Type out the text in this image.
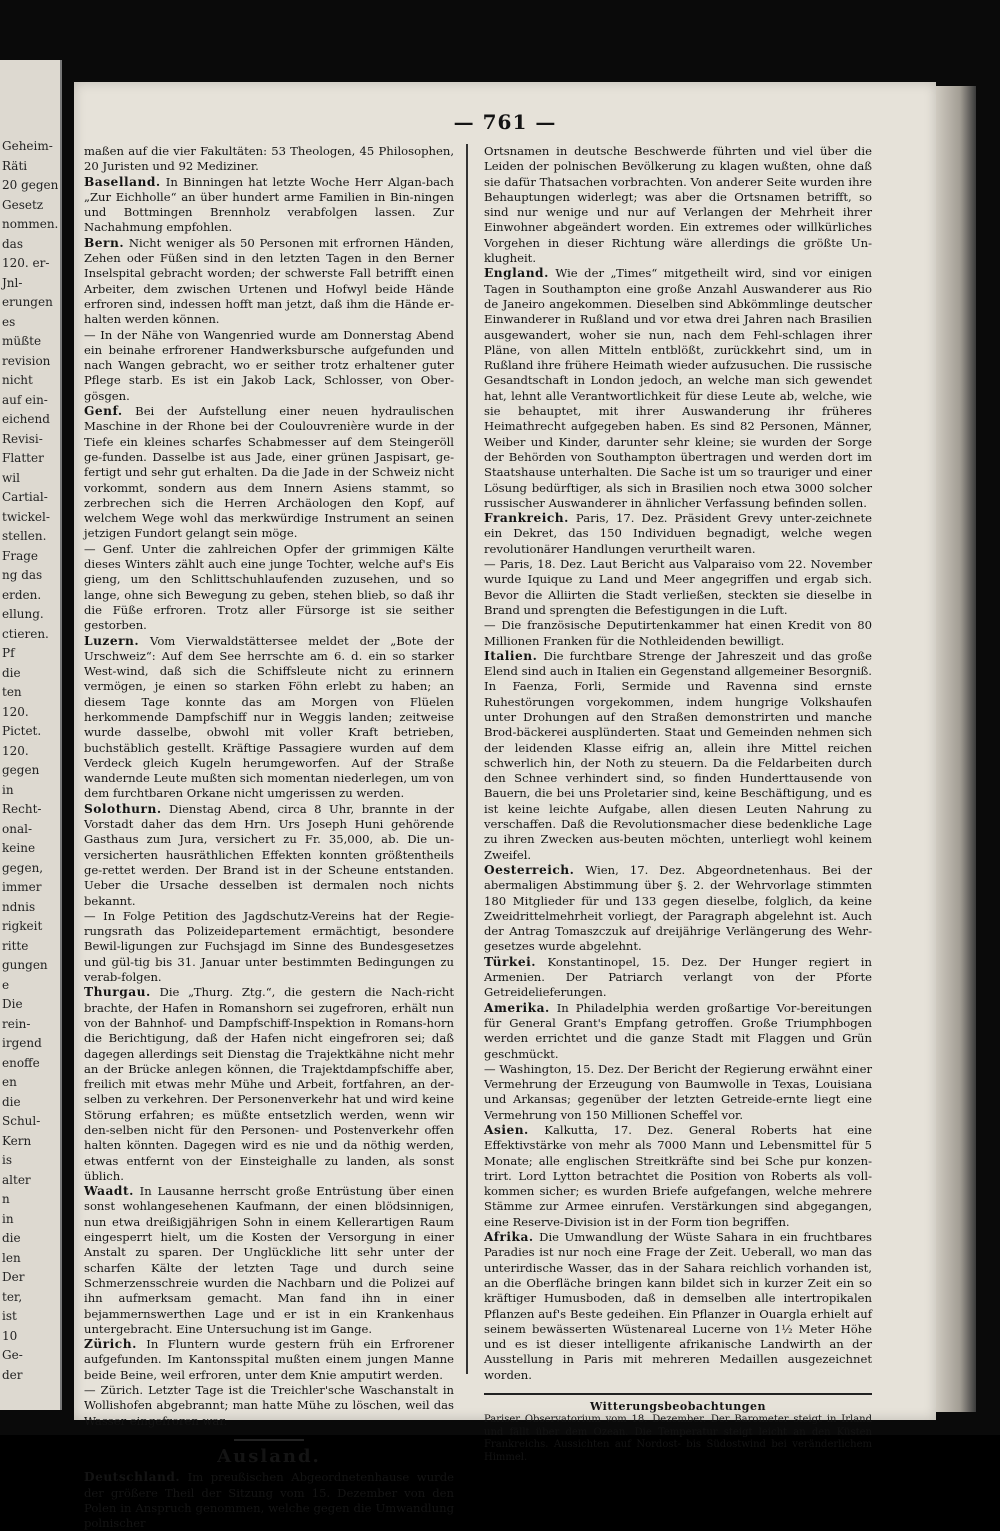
Geheim-
Räti
20 gegen
Gesetz
nommen.
das
120. er-
Jnl-
erungen
es
müßte
revision
nicht
auf ein-
eichend
Revisi-
Flatter
wil
Cartial-
twickel-
stellen.
Frage
ng das
erden.
ellung.
ctieren.
Pf
die
ten
120.
Pictet.
120.
gegen
in
Recht-
onal-
keine
gegen,
immer
ndnis
rigkeit
ritte
gungen
e
Die
rein-
irgend
enoffe
en
die
Schul-
Kern
is
alter
n
in
die
len
Der
ter,
ist
10
Ge-
der
— 761 —

maßen auf die vier Fakultäten: 53 Theologen, 45 Philosophen, 20 Juristen und 92 Mediziner.

Baselland. In Binningen hat letzte Woche Herr Algan-bach „Zur Eichholle“ an über hundert arme Familien in Bin-ningen und Bottmingen Brennholz verabfolgen lassen. Zur Nachahmung empfohlen.

Bern. Nicht weniger als 50 Personen mit erfrornen Händen, Zehen oder Füßen sind in den letzten Tagen in den Berner Inselspital gebracht worden; der schwerste Fall betrifft einen Arbeiter, dem zwischen Urtenen und Hofwyl beide Hände erfroren sind, indessen hofft man jetzt, daß ihm die Hände er-halten werden können.

— In der Nähe von Wangenried wurde am Donnerstag Abend ein beinahe erfrorener Handwerksbursche aufgefunden und nach Wangen gebracht, wo er seither trotz erhaltener guter Pflege starb. Es ist ein Jakob Lack, Schlosser, von Ober-gösgen.

Genf. Bei der Aufstellung einer neuen hydraulischen Maschine in der Rhone bei der Coulouvrenière wurde in der Tiefe ein kleines scharfes Schabmesser auf dem Steingeröll ge-funden. Dasselbe ist aus Jade, einer grünen Jaspisart, ge-fertigt und sehr gut erhalten. Da die Jade in der Schweiz nicht vorkommt, sondern aus dem Innern Asiens stammt, so zerbrechen sich die Herren Archäologen den Kopf, auf welchem Wege wohl das merkwürdige Instrument an seinen jetzigen Fundort gelangt sein möge.

— Genf. Unter die zahlreichen Opfer der grimmigen Kälte dieses Winters zählt auch eine junge Tochter, welche auf's Eis gieng, um den Schlittschuhlaufenden zuzusehen, und so lange, ohne sich Bewegung zu geben, stehen blieb, so daß ihr die Füße erfroren. Trotz aller Fürsorge ist sie seither gestorben.

Luzern. Vom Vierwaldstättersee meldet der „Bote der Urschweiz“: Auf dem See herrschte am 6. d. ein so starker West-wind, daß sich die Schiffsleute nicht zu erinnern vermögen, je einen so starken Föhn erlebt zu haben; an diesem Tage konnte das am Morgen von Flüelen herkommende Dampfschiff nur in Weggis landen; zeitweise wurde dasselbe, obwohl mit voller Kraft betrieben, buchstäblich gestellt. Kräftige Passagiere wurden auf dem Verdeck gleich Kugeln herumgeworfen. Auf der Straße wandernde Leute mußten sich momentan niederlegen, um von dem furchtbaren Orkane nicht umgerissen zu werden.

Solothurn. Dienstag Abend, circa 8 Uhr, brannte in der Vorstadt daher das dem Hrn. Urs Joseph Huni gehörende Gasthaus zum Jura, versichert zu Fr. 35,000, ab. Die un-versicherten hausräthlichen Effekten konnten größtentheils ge-rettet werden. Der Brand ist in der Scheune entstanden. Ueber die Ursache desselben ist dermalen noch nichts bekannt.

— In Folge Petition des Jagdschutz-Vereins hat der Regie-rungsrath das Polizeidepartement ermächtigt, besondere Bewil-ligungen zur Fuchsjagd im Sinne des Bundesgesetzes und gül-tig bis 31. Januar unter bestimmten Bedingungen zu verab-folgen.

Thurgau. Die „Thurg. Ztg.“, die gestern die Nach-richt brachte, der Hafen in Romanshorn sei zugefroren, erhält nun von der Bahnhof- und Dampfschiff-Inspektion in Romans-horn die Berichtigung, daß der Hafen nicht eingefroren sei; daß dagegen allerdings seit Dienstag die Trajektkähne nicht mehr an der Brücke anlegen können, die Trajektdampfschiffe aber, freilich mit etwas mehr Mühe und Arbeit, fortfahren, an der-selben zu verkehren. Der Personenverkehr hat und wird keine Störung erfahren; es müßte entsetzlich werden, wenn wir den-selben nicht für den Personen- und Postenverkehr offen halten könnten. Dagegen wird es nie und da nöthig werden, etwas entfernt von der Einsteighalle zu landen, als sonst üblich.

Waadt. In Lausanne herrscht große Entrüstung über einen sonst wohlangesehenen Kaufmann, der einen blödsinnigen, nun etwa dreißigjährigen Sohn in einem Kellerartigen Raum eingesperrt hielt, um die Kosten der Versorgung in einer Anstalt zu sparen. Der Unglückliche litt sehr unter der scharfen Kälte der letzten Tage und durch seine Schmerzensschreie wurden die Nachbarn und die Polizei auf ihn aufmerksam gemacht. Man fand ihn in einer bejammernswerthen Lage und er ist in ein Krankenhaus untergebracht. Eine Untersuchung ist im Gange.

Zürich. In Fluntern wurde gestern früh ein Erfrorener aufgefunden. Im Kantonsspital mußten einem jungen Manne beide Beine, weil erfroren, unter dem Knie amputirt werden.

— Zürich. Letzter Tage ist die Treichler'sche Waschanstalt in Wollishofen abgebrannt; man hatte Mühe zu löschen, weil das Wasser eingefroren war.

Ausland.

Deutschland. Im preußischen Abgeordnetenhause wurde der größere Theil der Sitzung vom 15. Dezember von den Polen in Anspruch genommen, welche gegen die Umwandlung polnischer

Ortsnamen in deutsche Beschwerde führten und viel über die Leiden der polnischen Bevölkerung zu klagen wußten, ohne daß sie dafür Thatsachen vorbrachten. Von anderer Seite wurden ihre Behauptungen widerlegt; was aber die Ortsnamen betrifft, so sind nur wenige und nur auf Verlangen der Mehrheit ihrer Einwohner abgeändert worden. Ein extremes oder willkürliches Vorgehen in dieser Richtung wäre allerdings die größte Un-klugheit.

England. Wie der „Times“ mitgetheilt wird, sind vor einigen Tagen in Southampton eine große Anzahl Auswanderer aus Rio de Janeiro angekommen. Dieselben sind Abkömmlinge deutscher Einwanderer in Rußland und vor etwa drei Jahren nach Brasilien ausgewandert, woher sie nun, nach dem Fehl-schlagen ihrer Pläne, von allen Mitteln entblößt, zurückkehrt sind, um in Rußland ihre frühere Heimath wieder aufzusuchen. Die russische Gesandtschaft in London jedoch, an welche man sich gewendet hat, lehnt alle Verantwortlichkeit für diese Leute ab, welche, wie sie behauptet, mit ihrer Auswanderung ihr früheres Heimathrecht aufgegeben haben. Es sind 82 Personen, Männer, Weiber und Kinder, darunter sehr kleine; sie wurden der Sorge der Behörden von Southampton übertragen und werden dort im Staatshause unterhalten. Die Sache ist um so trauriger und einer Lösung bedürftiger, als sich in Brasilien noch etwa 3000 solcher russischer Auswanderer in ähnlicher Verfassung befinden sollen.

Frankreich. Paris, 17. Dez. Präsident Grevy unter-zeichnete ein Dekret, das 150 Individuen begnadigt, welche wegen revolutionärer Handlungen verurtheilt waren.

— Paris, 18. Dez. Laut Bericht aus Valparaiso vom 22. November wurde Iquique zu Land und Meer angegriffen und ergab sich. Bevor die Alliirten die Stadt verließen, steckten sie dieselbe in Brand und sprengten die Befestigungen in die Luft.

— Die französische Deputirtenkammer hat einen Kredit von 80 Millionen Franken für die Nothleidenden bewilligt.

Italien. Die furchtbare Strenge der Jahreszeit und das große Elend sind auch in Italien ein Gegenstand allgemeiner Besorgniß. In Faenza, Forli, Sermide und Ravenna sind ernste Ruhestörungen vorgekommen, indem hungrige Volkshaufen unter Drohungen auf den Straßen demonstrirten und manche Brod-bäckerei ausplünderten. Staat und Gemeinden nehmen sich der leidenden Klasse eifrig an, allein ihre Mittel reichen schwerlich hin, der Noth zu steuern. Da die Feldarbeiten durch den Schnee verhindert sind, so finden Hunderttausende von Bauern, die bei uns Proletarier sind, keine Beschäftigung, und es ist keine leichte Aufgabe, allen diesen Leuten Nahrung zu verschaffen. Daß die Revolutionsmacher diese bedenkliche Lage zu ihren Zwecken aus-beuten möchten, unterliegt wohl keinem Zweifel.

Oesterreich. Wien, 17. Dez. Abgeordnetenhaus. Bei der abermaligen Abstimmung über §. 2. der Wehrvorlage stimmten 180 Mitglieder für und 133 gegen dieselbe, folglich, da keine Zweidrittelmehrheit vorliegt, der Paragraph abgelehnt ist. Auch der Antrag Tomaszczuk auf dreijährige Verlängerung des Wehr-gesetzes wurde abgelehnt.

Türkei. Konstantinopel, 15. Dez. Der Hunger regiert in Armenien. Der Patriarch verlangt von der Pforte Getreidelieferungen.

Amerika. In Philadelphia werden großartige Vor-bereitungen für General Grant's Empfang getroffen. Große Triumphbogen werden errichtet und die ganze Stadt mit Flaggen und Grün geschmückt.

— Washington, 15. Dez. Der Bericht der Regierung erwähnt einer Vermehrung der Erzeugung von Baumwolle in Texas, Louisiana und Arkansas; gegenüber der letzten Getreide-ernte liegt eine Vermehrung von 150 Millionen Scheffel vor.

Asien. Kalkutta, 17. Dez. General Roberts hat eine Effektivstärke von mehr als 7000 Mann und Lebensmittel für 5 Monate; alle englischen Streitkräfte sind bei Sche pur konzen-trirt. Lord Lytton betrachtet die Position von Roberts als voll-kommen sicher; es wurden Briefe aufgefangen, welche mehrere Stämme zur Armee einrufen. Verstärkungen sind abgegangen, eine Reserve-Division ist in der Form tion begriffen.

Afrika. Die Umwandlung der Wüste Sahara in ein fruchtbares Paradies ist nur noch eine Frage der Zeit. Ueberall, wo man das unterirdische Wasser, das in der Sahara reichlich vorhanden ist, an die Oberfläche bringen kann bildet sich in kurzer Zeit ein so kräftiger Humusboden, daß in demselben alle intertropikalen Pflanzen auf's Beste gedeihen. Ein Pflanzer in Ouargla erhielt auf seinem bewässerten Wüstenareal Lucerne von 1½ Meter Höhe und es ist dieser intelligente afrikanische Landwirth an der Ausstellung in Paris mit mehreren Medaillen ausgezeichnet worden.

Witterungsbeobachtungen

Pariser Observatorium vom 18. Dezember. Der Barometer steigt in Irland und fällt über dem Ozean. Die Temperatur steigt leicht an den Küsten Frankreichs. Aussichten auf Nordost- bis Südostwind bei veränderlichem Himmel.
